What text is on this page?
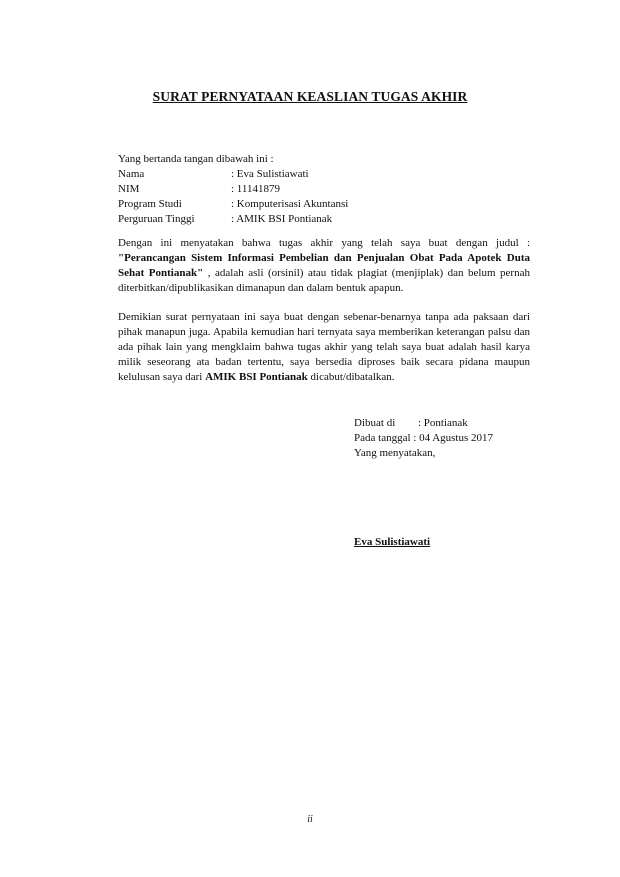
SURAT PERNYATAAN KEASLIAN TUGAS AKHIR
Yang bertanda tangan dibawah ini :
Nama	: Eva Sulistiawati
NIM	: 11141879
Program Studi	: Komputerisasi Akuntansi
Perguruan Tinggi	: AMIK BSI Pontianak
Dengan ini menyatakan bahwa tugas akhir yang telah saya buat dengan judul : "Perancangan Sistem Informasi Pembelian dan Penjualan Obat Pada Apotek Duta Sehat Pontianak" , adalah asli (orsinil) atau tidak plagiat (menjiplak) dan belum pernah diterbitkan/dipublikasikan dimanapun dan dalam bentuk apapun.
Demikian surat pernyataan ini saya buat dengan sebenar-benarnya tanpa ada paksaan dari pihak manapun juga. Apabila kemudian hari ternyata saya memberikan keterangan palsu dan ada pihak lain yang mengklaim bahwa tugas akhir yang telah saya buat adalah hasil karya milik seseorang ata badan tertentu, saya bersedia diproses baik secara pidana maupun kelulusan saya dari AMIK BSI Pontianak dicabut/dibatalkan.
Dibuat di	: Pontianak
Pada tanggal : 04 Agustus 2017
Yang menyatakan,
Eva Sulistiawati
ii
